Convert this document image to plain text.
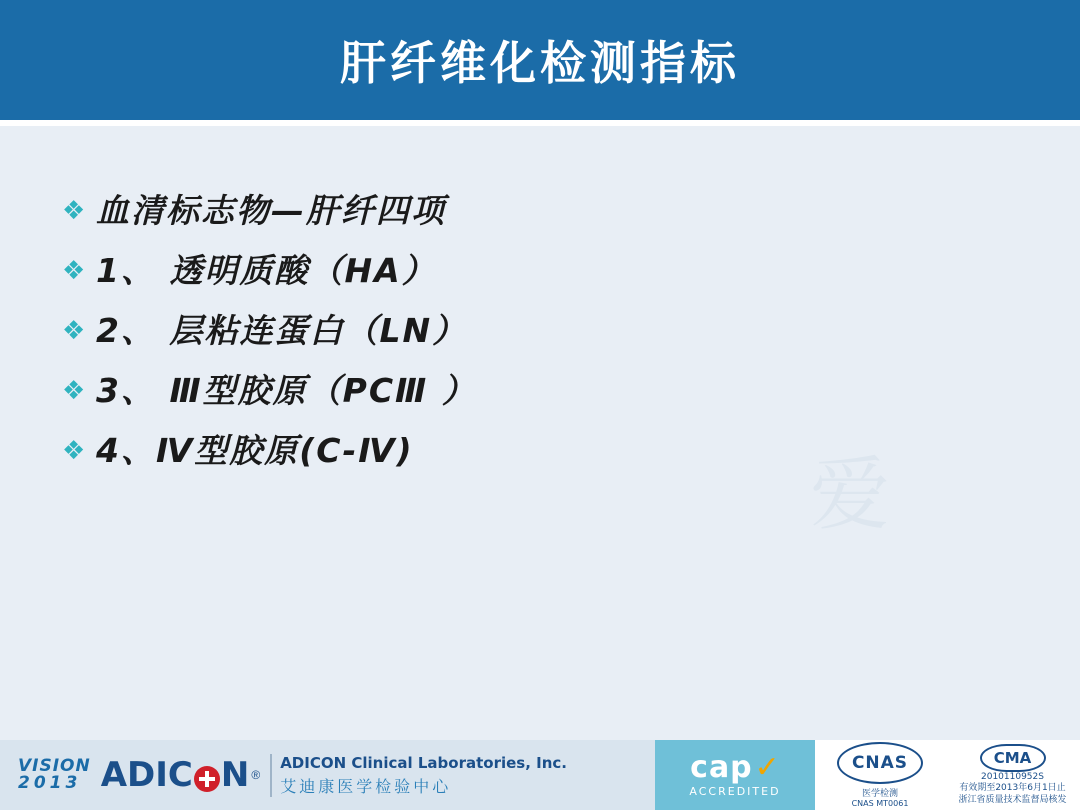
肝纤维化检测指标
爱
❖ 血清标志物—肝纤四项
❖ 1、 透明质酸（HA）
❖ 2、 层粘连蛋白（LN）
❖ 3、 Ⅲ型胶原（PCⅢ ）
❖ 4、Ⅳ型胶原(C-Ⅳ)
VISION
2013 ADIC N ®
ADICON Clinical Laboratories, Inc.
艾迪康医学检验中心
cap✓
ACCREDITED
CNAS
医学检测
CNAS MT0061
CMA
2010110952S
有效期至2013年6月1日止
浙江省质量技术监督局核发
